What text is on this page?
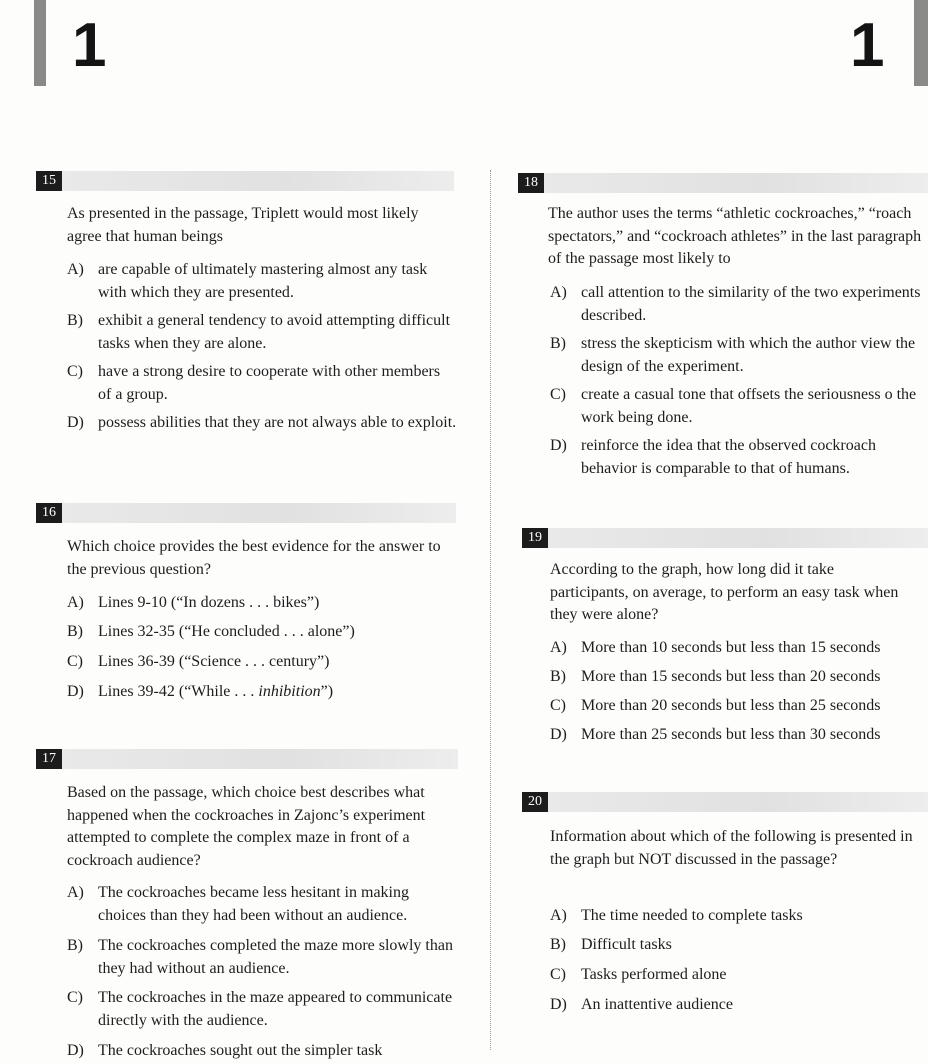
1	1
15

As presented in the passage, Triplett would most likely agree that human beings

A) are capable of ultimately mastering almost any task with which they are presented.
B) exhibit a general tendency to avoid attempting difficult tasks when they are alone.
C) have a strong desire to cooperate with other members of a group.
D) possess abilities that they are not always able to exploit.
16

Which choice provides the best evidence for the answer to the previous question?

A) Lines 9-10 (“In dozens . . . bikes”)
B) Lines 32-35 (“He concluded . . . alone”)
C) Lines 36-39 (“Science . . . century”)
D) Lines 39-42 (“While . . . inhibition”)
17

Based on the passage, which choice best describes what happened when the cockroaches in Zajonc’s experiment attempted to complete the complex maze in front of a cockroach audience?

A) The cockroaches became less hesitant in making choices than they had been without an audience.
B) The cockroaches completed the maze more slowly than they had without an audience.
C) The cockroaches in the maze appeared to communicate directly with the audience.
D) The cockroaches sought out the simpler task
18

The author uses the terms “athletic cockroaches,” “roach spectators,” and “cockroach athletes” in the last paragraph of the passage most likely to

A) call attention to the similarity of the two experiments described.
B) stress the skepticism with which the author view the design of the experiment.
C) create a casual tone that offsets the seriousness o the work being done.
D) reinforce the idea that the observed cockroach behavior is comparable to that of humans.
19

According to the graph, how long did it take participants, on average, to perform an easy task when they were alone?

A) More than 10 seconds but less than 15 seconds
B) More than 15 seconds but less than 20 seconds
C) More than 20 seconds but less than 25 seconds
D) More than 25 seconds but less than 30 seconds
20

Information about which of the following is presented in the graph but NOT discussed in the passage?

A) The time needed to complete tasks
B) Difficult tasks
C) Tasks performed alone
D) An inattentive audience
